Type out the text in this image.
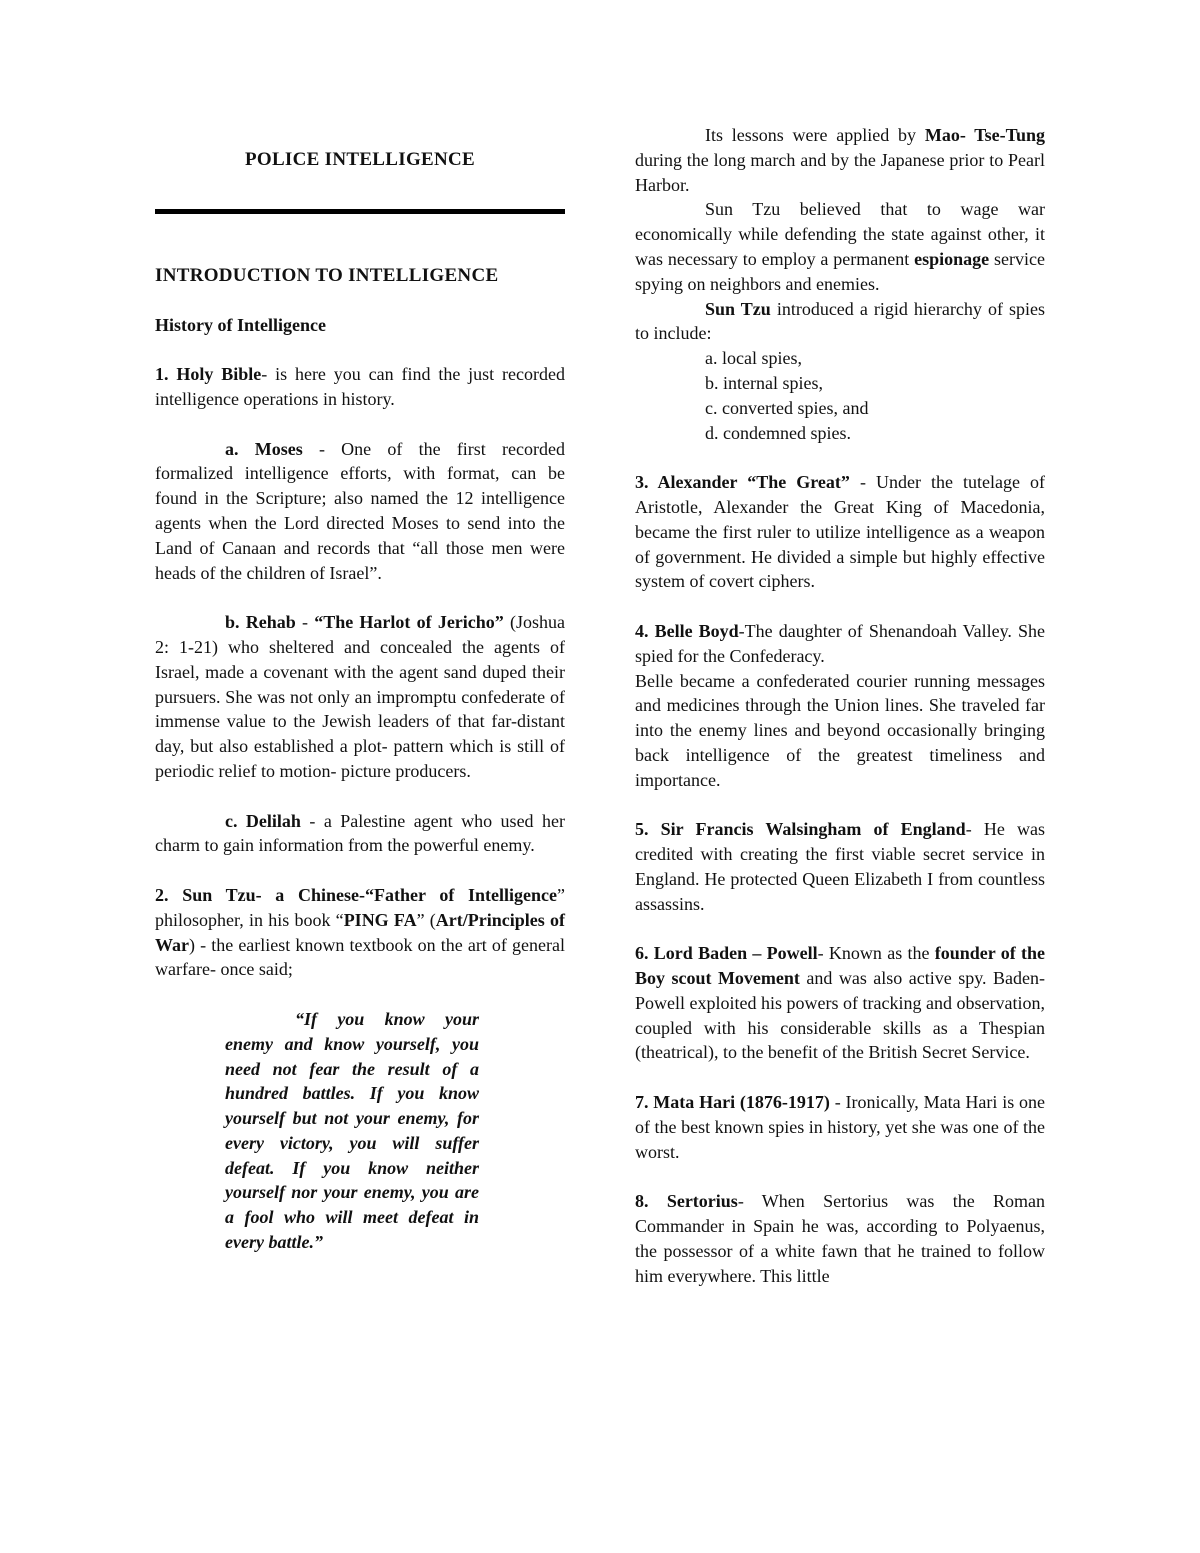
POLICE INTELLIGENCE

INTRODUCTION TO INTELLIGENCE

History of Intelligence

1. Holy Bible- is here you can find the just recorded intelligence operations in history.

a. Moses - One of the first recorded formalized intelligence efforts, with format, can be found in the Scripture; also named the 12 intelligence agents when the Lord directed Moses to send into the Land of Canaan and records that “all those men were heads of the children of Israel”.

b. Rehab - “The Harlot of Jericho” (Joshua 2: 1-21) who sheltered and concealed the agents of Israel, made a covenant with the agent sand duped their pursuers. She was not only an impromptu confederate of immense value to the Jewish leaders of that far-distant day, but also established a plot- pattern which is still of periodic relief to motion- picture producers.

c. Delilah - a Palestine agent who used her charm to gain information from the powerful enemy.

2. Sun Tzu- a Chinese-“Father of Intelligence” philosopher, in his book “PING FA” (Art/Principles of War) - the earliest known textbook on the art of general warfare- once said;

“If you know your enemy and know yourself, you need not fear the result of a hundred battles. If you know yourself but not your enemy, for every victory, you will suffer defeat. If you know neither yourself nor your enemy, you are a fool who will meet defeat in every battle.”

Its lessons were applied by Mao- Tse-Tung during the long march and by the Japanese prior to Pearl Harbor.

Sun Tzu believed that to wage war economically while defending the state against other, it was necessary to employ a permanent espionage service spying on neighbors and enemies.

Sun Tzu introduced a rigid hierarchy of spies to include:

a. local spies,
b. internal spies,
c. converted spies, and
d. condemned spies.

3. Alexander “The Great” - Under the tutelage of Aristotle, Alexander the Great King of Macedonia, became the first ruler to utilize intelligence as a weapon of government. He divided a simple but highly effective system of covert ciphers.

4. Belle Boyd-The daughter of Shenandoah Valley. She spied for the Confederacy.

Belle became a confederated courier running messages and medicines through the Union lines. She traveled far into the enemy lines and beyond occasionally bringing back intelligence of the greatest timeliness and importance.

5. Sir Francis Walsingham of England- He was credited with creating the first viable secret service in England. He protected Queen Elizabeth I from countless assassins.

6. Lord Baden – Powell- Known as the founder of the Boy scout Movement and was also active spy. Baden- Powell exploited his powers of tracking and observation, coupled with his considerable skills as a Thespian (theatrical), to the benefit of the British Secret Service.

7. Mata Hari (1876-1917) - Ironically, Mata Hari is one of the best known spies in history, yet she was one of the worst.

8. Sertorius- When Sertorius was the Roman Commander in Spain he was, according to Polyaenus, the possessor of a white fawn that he trained to follow him everywhere. This little
